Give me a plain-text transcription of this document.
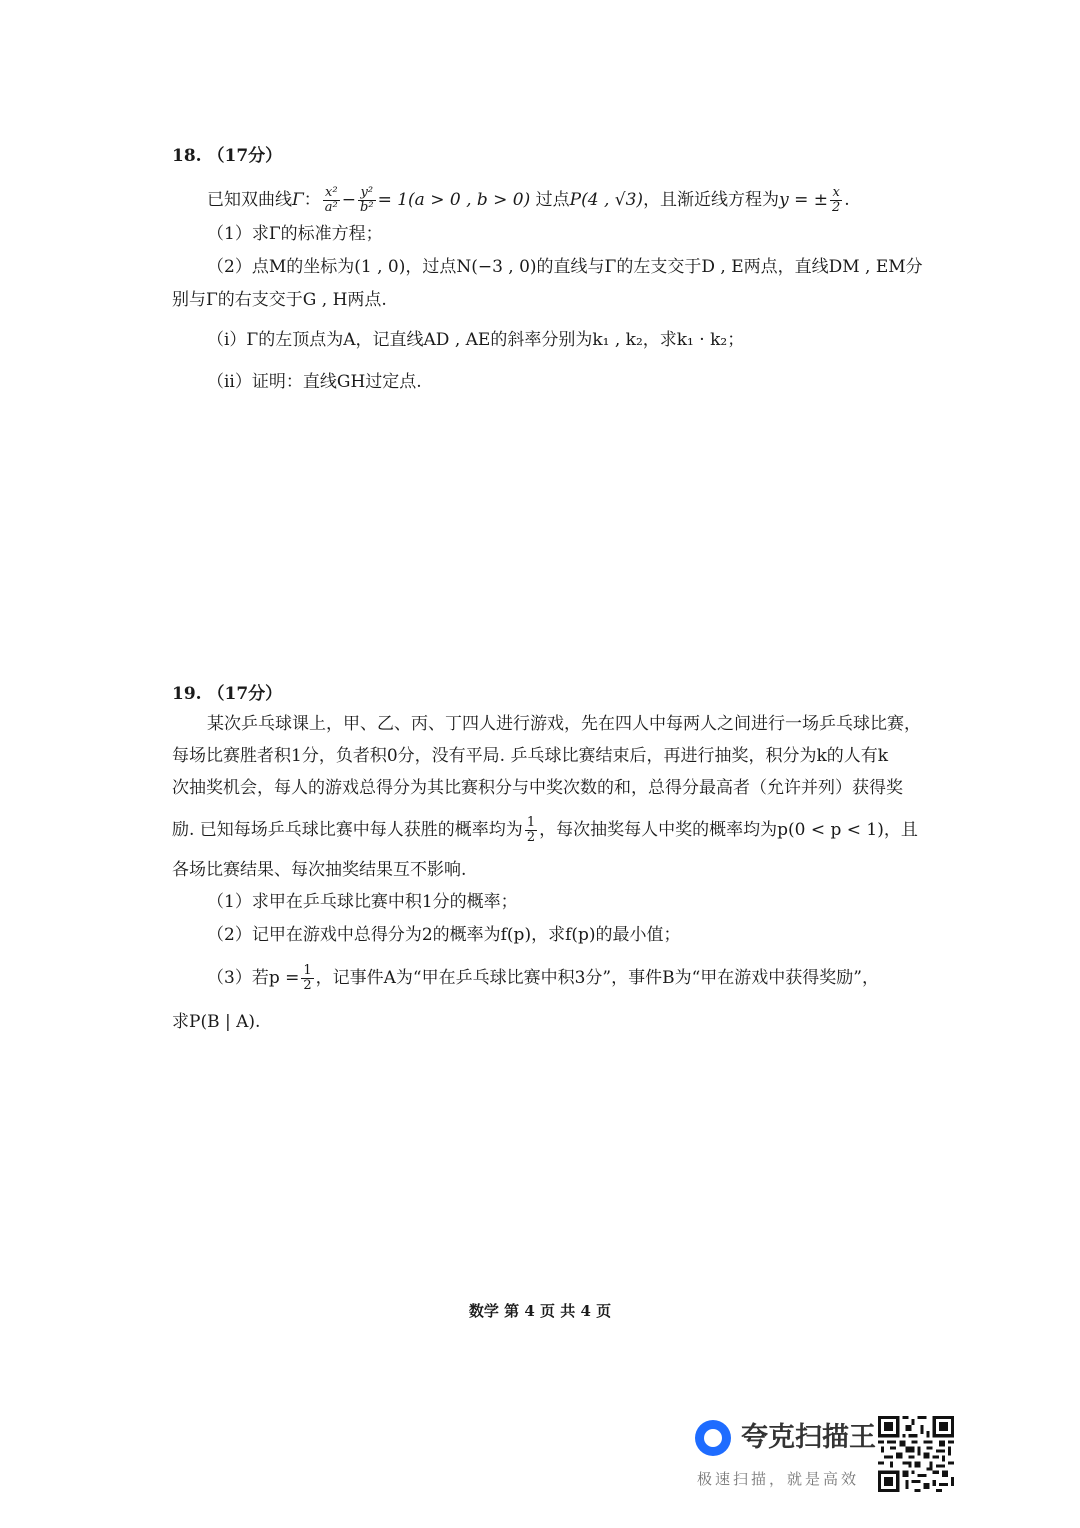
18. （17分）
已知双曲线Γ： $\frac{\text{x²}}{\text{a²}} - \frac{\text{y²}}{\text{b²}} = 1(a > 0$ , b > 0) 过点P(4 , √3)，且渐近线方程为y = ± $\frac{x}{2}$ .
（1）求Γ的标准方程；
（2）点M的坐标为(1 , 0)，过点N(−3 , 0)的直线与Γ的左支交于D , E两点，直线DM , EM分
别与Γ的右支交于G , H两点.
（i）Γ的左顶点为A，记直线AD , AE的斜率分别为k₁ , k₂，求k₁ · k₂；
（ii）证明：直线GH过定点.
19. （17分）
某次乒乓球课上，甲、乙、丙、丁四人进行游戏，先在四人中每两人之间进行一场乒乓球比赛，
每场比赛胜者积1分，负者积0分，没有平局. 乒乓球比赛结束后，再进行抽奖，积分为k的人有k
次抽奖机会，每人的游戏总得分为其比赛积分与中奖次数的和，总得分最高者（允许并列）获得奖
励. 已知每场乒乓球比赛中每人获胜的概率均为 $\frac{1}{2}$ ，每次抽奖每人中奖的概率均为p(0 < p < 1)，且
各场比赛结果、每次抽奖结果互不影响.
（1）求甲在乒乓球比赛中积1分的概率；
（2）记甲在游戏中总得分为2的概率为f(p)，求f(p)的最小值；
（3）若$p = \frac{1}{2}$ ，记事件A为“甲在乒乓球比赛中积3分”，事件B为“甲在游戏中获得奖励”，
求P(B | A).
数学 第 4 页 共 4 页
夸克扫描王
极速扫描，就是高效
